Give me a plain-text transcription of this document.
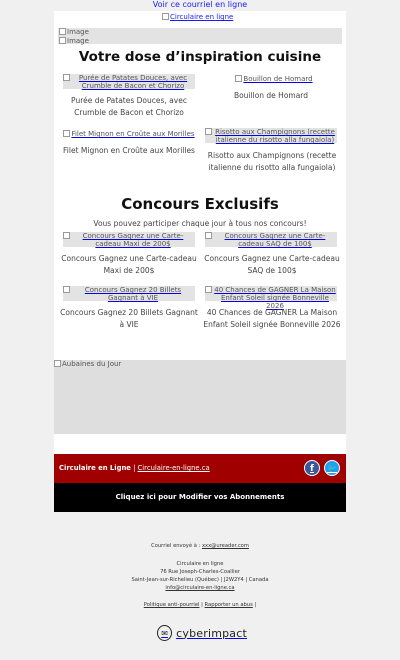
Voir ce courriel en ligne
Circulaire en ligne
Image
Image
Votre dose d’inspiration cuisine
Purée de Patates Douces, avec Crumble de Bacon et Chorizo
Purée de Patates Douces, avec Crumble de Bacon et Chorizo
Bouillon de Homard
Bouillon de Homard
Filet Mignon en Croûte aux Morilles
Filet Mignon en Croûte aux Morilles
Risotto aux Champignons (recette italienne du risotto alla fungaiola)
Risotto aux Champignons (recette italienne du risotto alla fungaiola)
Concours Exclusifs
Vous pouvez participer chaque jour à tous nos concours!
Concours Gagnez une Carte-cadeau Maxi de 200$
Concours Gagnez une Carte-cadeau Maxi de 200$
Concours Gagnez une Carte-cadeau SAQ de 100$
Concours Gagnez une Carte-cadeau SAQ de 100$
Concours Gagnez 20 Billets Gagnant à VIE
Concours Gagnez 20 Billets Gagnant à VIE
40 Chances de GAGNER La Maison Enfant Soleil signée Bonneville 2026
40 Chances de GAGNER La Maison Enfant Soleil signée Bonneville 2026
Aubaines du Jour
Circulaire en Ligne | Circulaire-en-ligne.ca	f	🐦
Cliquez ici pour Modifier vos Abonnements
Courriel envoyé à : xxx@ureader.com
Circulaire en ligne
76 Rue Joseph-Charles-Coallier
Saint-Jean-sur-Richelieu (Québec) | J2W2Y4 | Canada
info@circulaire-en-ligne.ca
Politique anti-pourriel | Rapporter un abus |
✉ cyberimpact
